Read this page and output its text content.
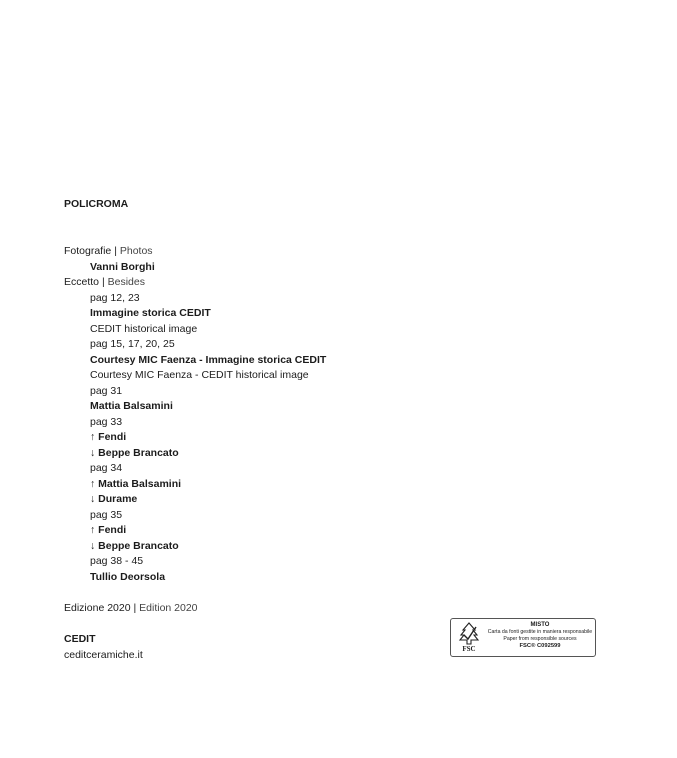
POLICROMA
Fotografie | Photos
Vanni Borghi
Eccetto | Besides
pag 12, 23
Immagine storica CEDIT
CEDIT historical image
pag 15, 17, 20, 25
Courtesy MIC Faenza - Immagine storica CEDIT
Courtesy MIC Faenza - CEDIT historical image
pag 31
Mattia Balsamini
pag 33
↑ Fendi
↓ Beppe Brancato
pag 34
↑ Mattia Balsamini
↓ Durame
pag 35
↑ Fendi
↓ Beppe Brancato
pag 38 - 45
Tullio Deorsola
Edizione 2020 | Edition 2020
CEDIT
ceditceramiche.it	FSC
MISTO
Carta da fonti gestite in maniera responsabile
Paper from responsible sources
FSC® C092599
